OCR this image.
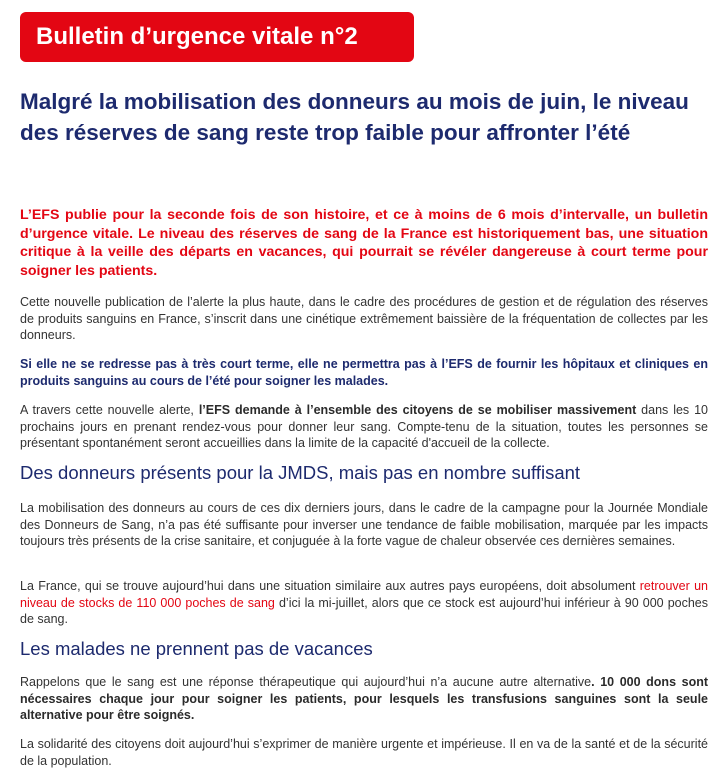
Bulletin d’urgence vitale n°2
Malgré la mobilisation des donneurs au mois de juin, le niveau des réserves de sang reste trop faible pour affronter l’été
L’EFS publie pour la seconde fois de son histoire, et ce à moins de 6 mois d’intervalle, un bulletin d’urgence vitale. Le niveau des réserves de sang de la France est historiquement bas, une situation critique à la veille des départs en vacances, qui pourrait se révéler dangereuse à court terme pour soigner les patients.
Cette nouvelle publication de l’alerte la plus haute, dans le cadre des procédures de gestion et de régulation des réserves de produits sanguins en France, s’inscrit dans une cinétique extrêmement baissière de la fréquentation de collectes par les donneurs.
Si elle ne se redresse pas à très court terme, elle ne permettra pas à l’EFS de fournir les hôpitaux et cliniques en produits sanguins au cours de l’été pour soigner les malades.
A travers cette nouvelle alerte, l’EFS demande à l’ensemble des citoyens de se mobiliser massivement dans les 10 prochains jours en prenant rendez-vous pour donner leur sang. Compte-tenu de la situation, toutes les personnes se présentant spontanément seront accueillies dans la limite de la capacité d'accueil de la collecte.
Des donneurs présents pour la JMDS, mais pas en nombre suffisant
La mobilisation des donneurs au cours de ces dix derniers jours, dans le cadre de la campagne pour la Journée Mondiale des Donneurs de Sang, n’a pas été suffisante pour inverser une tendance de faible mobilisation, marquée par les impacts toujours très présents de la crise sanitaire, et conjuguée à la forte vague de chaleur observée ces dernières semaines.
La France, qui se trouve aujourd’hui dans une situation similaire aux autres pays européens, doit absolument retrouver un niveau de stocks de 110 000 poches de sang d’ici la mi-juillet, alors que ce stock est aujourd’hui inférieur à 90 000 poches de sang.
Les malades ne prennent pas de vacances
Rappelons que le sang est une réponse thérapeutique qui aujourd’hui n’a aucune autre alternative. 10 000 dons sont nécessaires chaque jour pour soigner les patients, pour lesquels les transfusions sanguines sont la seule alternative pour être soignés.
La solidarité des citoyens doit aujourd’hui s’exprimer de manière urgente et impérieuse. Il en va de la santé et de la sécurité de la population.
